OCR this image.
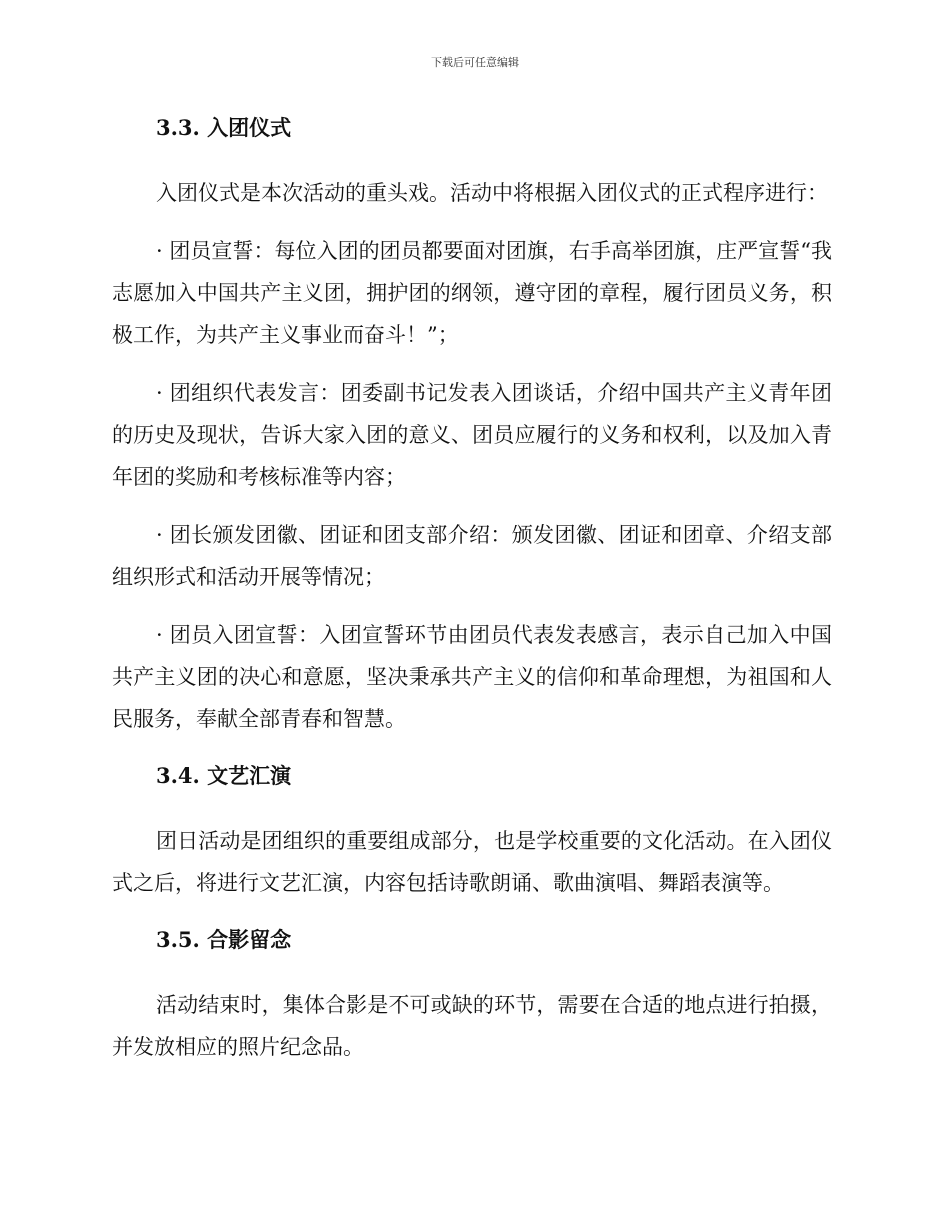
下载后可任意编辑
3.3. 入团仪式

入团仪式是本次活动的重头戏。活动中将根据入团仪式的正式程序进行：

· 团员宣誓：每位入团的团员都要面对团旗，右手高举团旗，庄严宣誓“我志愿加入中国共产主义团，拥护团的纲领，遵守团的章程，履行团员义务，积极工作，为共产主义事业而奋斗！”；

· 团组织代表发言：团委副书记发表入团谈话，介绍中国共产主义青年团的历史及现状，告诉大家入团的意义、团员应履行的义务和权利，以及加入青年团的奖励和考核标准等内容；

· 团长颁发团徽、团证和团支部介绍：颁发团徽、团证和团章、介绍支部组织形式和活动开展等情况；

· 团员入团宣誓：入团宣誓环节由团员代表发表感言，表示自己加入中国共产主义团的决心和意愿，坚决秉承共产主义的信仰和革命理想，为祖国和人民服务，奉献全部青春和智慧。

3.4. 文艺汇演

团日活动是团组织的重要组成部分，也是学校重要的文化活动。在入团仪式之后，将进行文艺汇演，内容包括诗歌朗诵、歌曲演唱、舞蹈表演等。

3.5. 合影留念

活动结束时，集体合影是不可或缺的环节，需要在合适的地点进行拍摄，并发放相应的照片纪念品。
